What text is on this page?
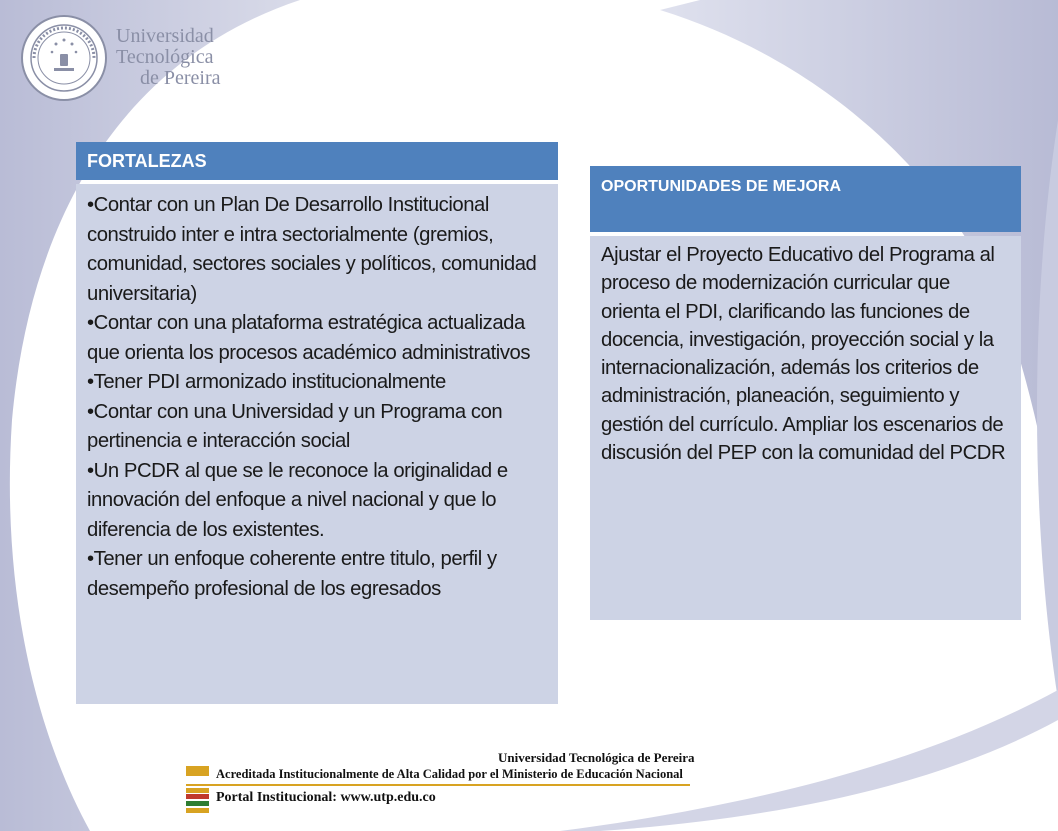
Universidad
Tecnológica
de Pereira
FORTALEZAS

•Contar con un Plan De Desarrollo Institucional construido inter e intra sectorialmente (gremios, comunidad, sectores sociales y políticos, comunidad universitaria)

•Contar con una plataforma estratégica actualizada que orienta los procesos académico administrativos

•Tener PDI armonizado institucionalmente

•Contar con una Universidad y un Programa con pertinencia e interacción social

•Un PCDR al que se le reconoce la originalidad e innovación del enfoque a nivel nacional y que lo diferencia de los existentes.

•Tener un enfoque coherente entre titulo, perfil y desempeño profesional de los egresados

OPORTUNIDADES DE MEJORA

Ajustar el Proyecto Educativo del Programa al proceso de modernización curricular que orienta el PDI, clarificando las funciones de docencia, investigación, proyección social y la internacionalización, además los criterios de administración, planeación, seguimiento y gestión del currículo. Ampliar los escenarios de discusión del PEP con la comunidad del PCDR

Universidad Tecnológica de Pereira
Acreditada Institucionalmente de Alta Calidad por el Ministerio de Educación Nacional
Portal Institucional: www.utp.edu.co
